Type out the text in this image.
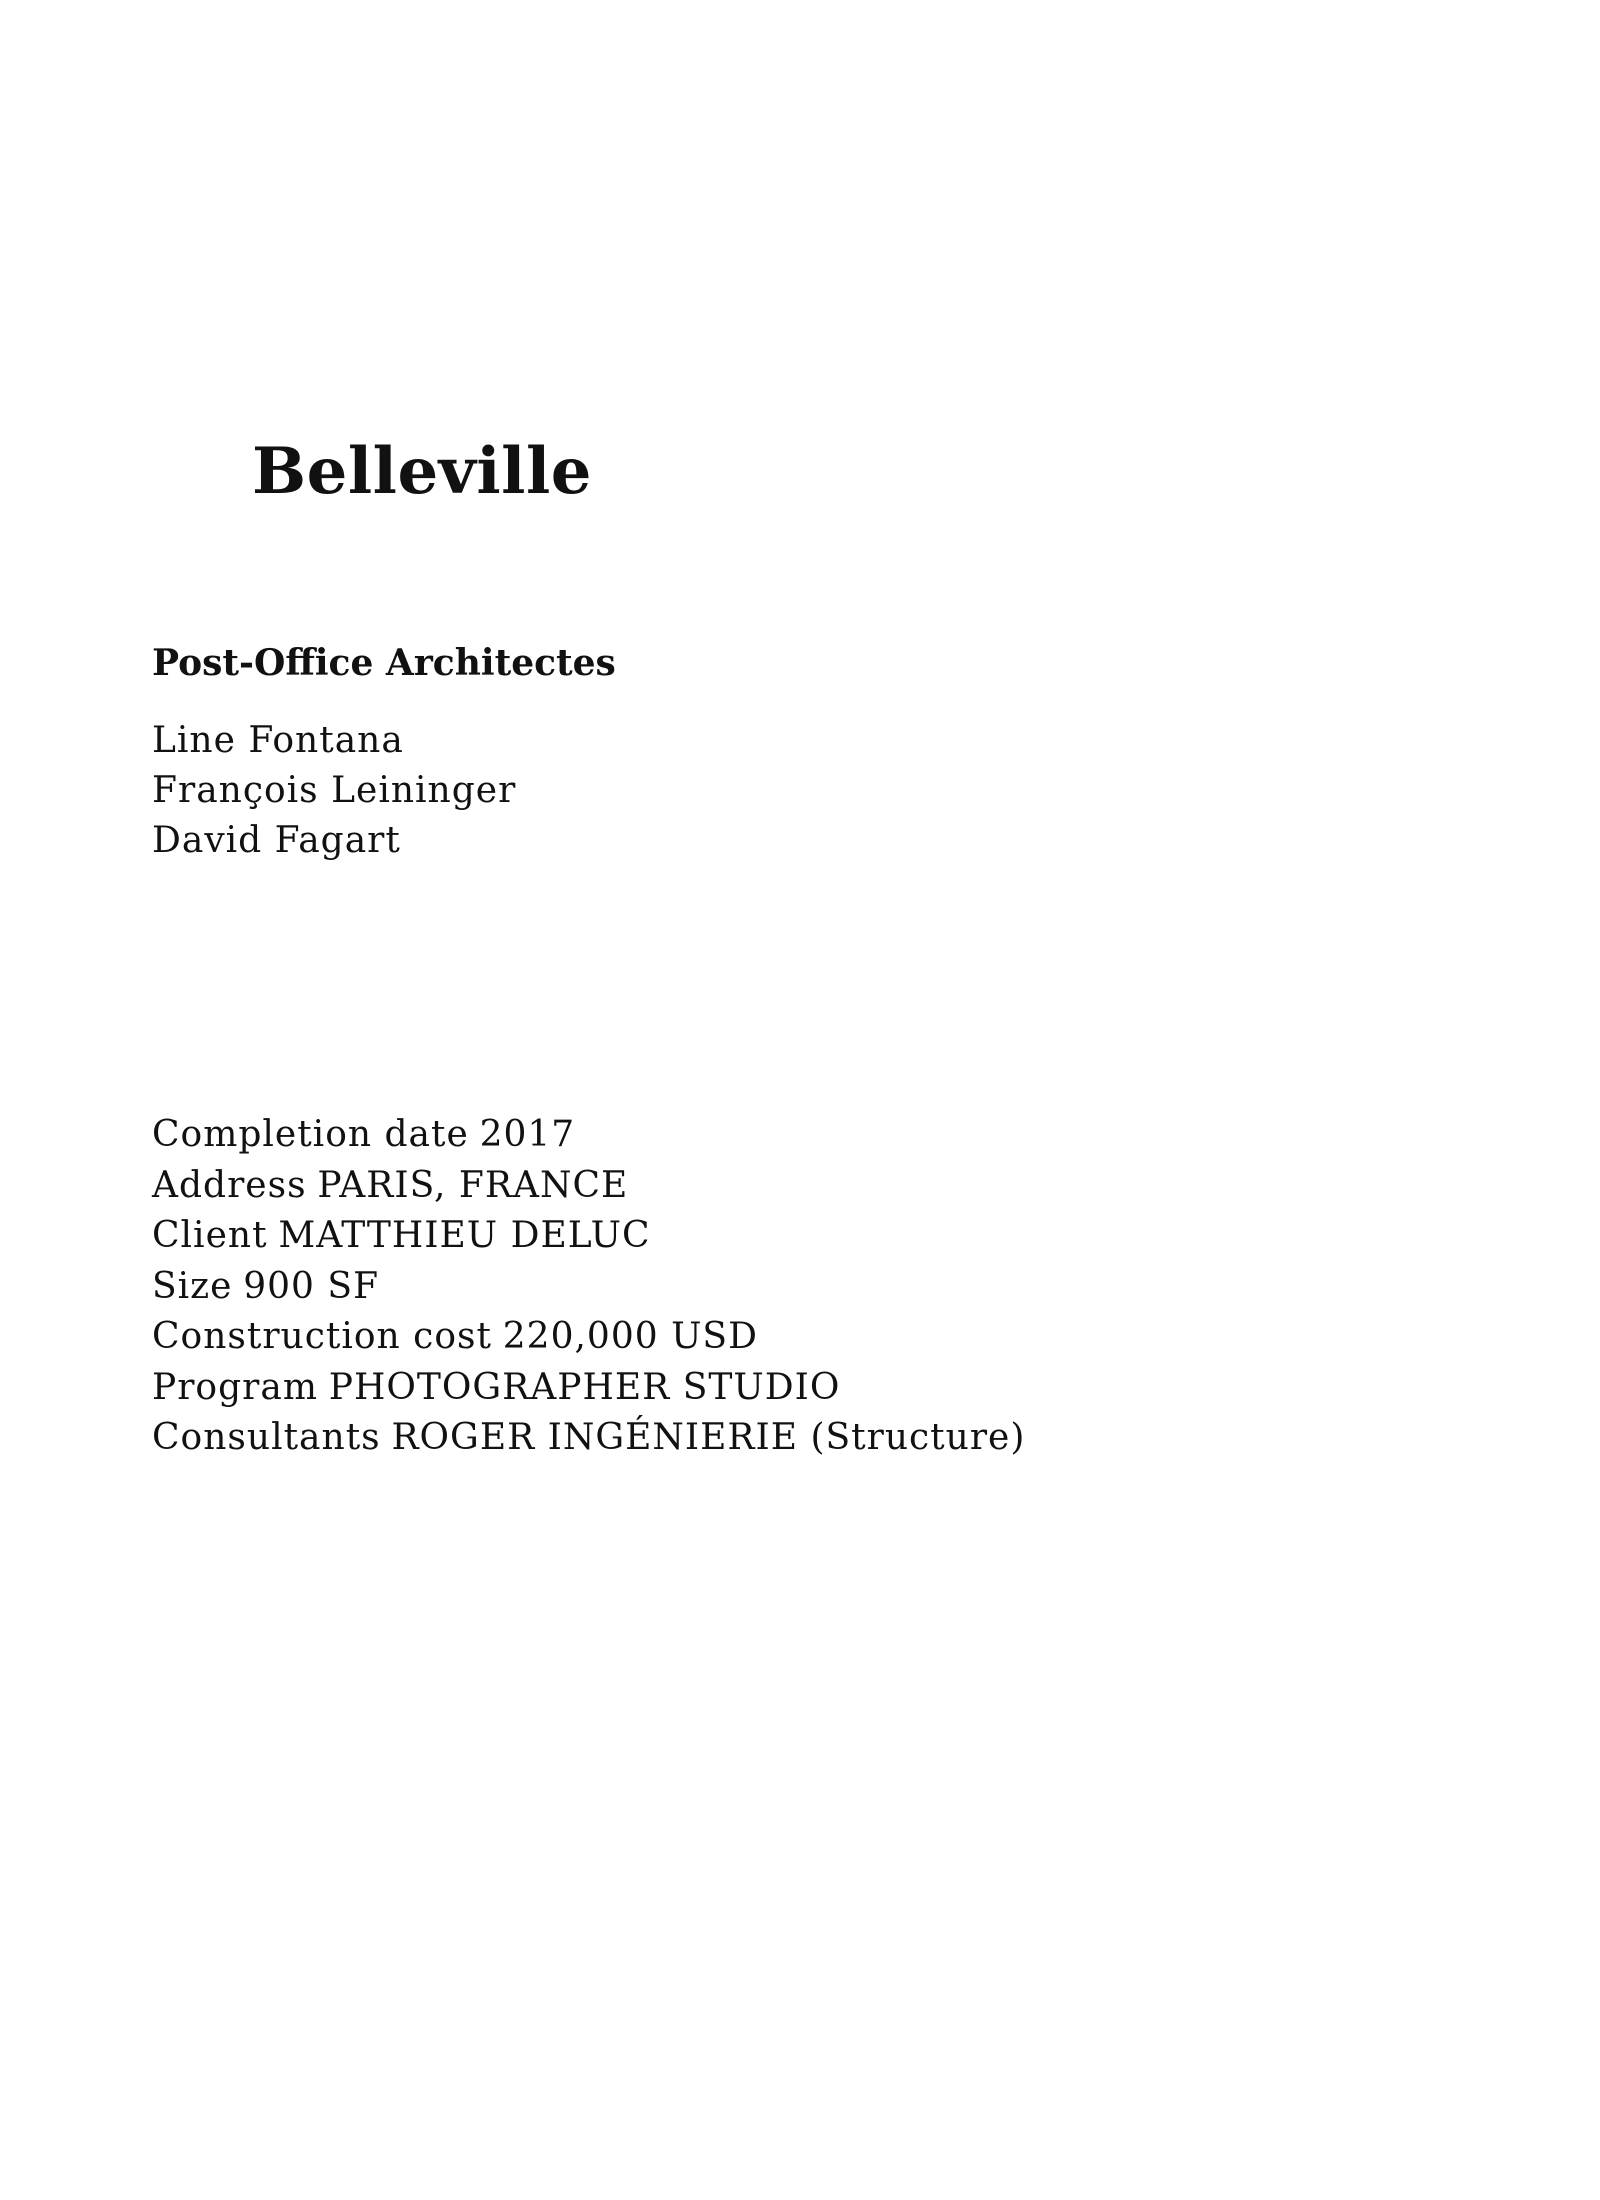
Belleville
Post-Office Architectes
Line Fontana
François Leininger
David Fagart
Completion date 2017
Address PARIS, FRANCE
Client MATTHIEU DELUC
Size 900 SF
Construction cost 220,000 USD
Program PHOTOGRAPHER STUDIO
Consultants ROGER INGÉNIERIE (Structure)
